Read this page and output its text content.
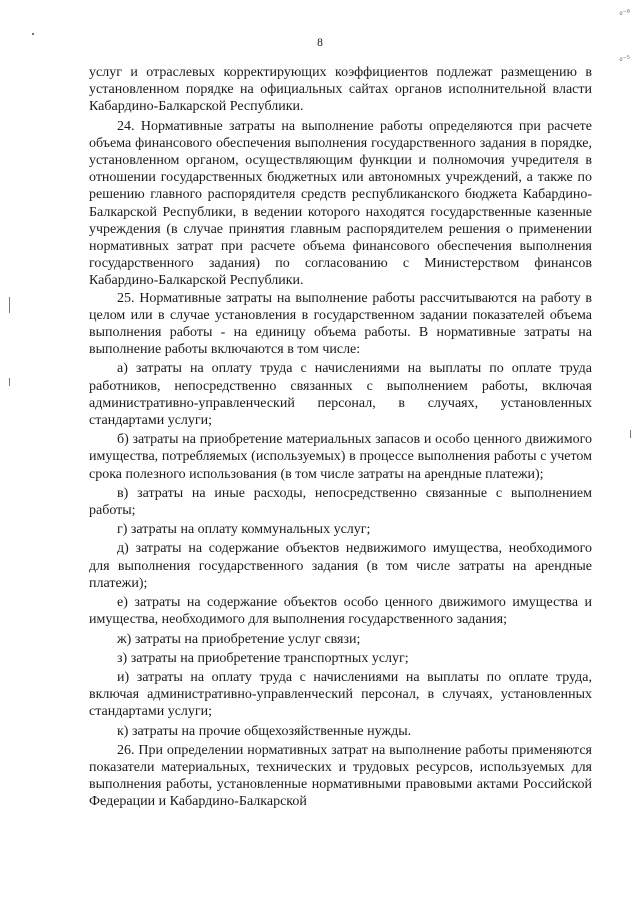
8
₀⁻⁸
₀⁻⁵

услуг и отраслевых корректирующих коэффициентов подлежат размещению в установленном порядке на официальных сайтах органов исполнительной власти Кабардино-Балкарской Республики.

24. Нормативные затраты на выполнение работы определяются при расчете объема финансового обеспечения выполнения государственного задания в порядке, установленном органом, осуществляющим функции и полномочия учредителя в отношении государственных бюджетных или автономных учреждений, а также по решению главного распорядителя средств республиканского бюджета Кабардино-Балкарской Республики, в ведении которого находятся государственные казенные учреждения (в случае принятия главным распорядителем решения о применении нормативных затрат при расчете объема финансового обеспечения выполнения государственного задания) по согласованию с Министерством финансов Кабардино-Балкарской Республики.

25. Нормативные затраты на выполнение работы рассчитываются на работу в целом или в случае установления в государственном задании показателей объема выполнения работы - на единицу объема работы. В нормативные затраты на выполнение работы включаются в том числе:

а) затраты на оплату труда с начислениями на выплаты по оплате труда работников, непосредственно связанных с выполнением работы, включая административно-управленческий персонал, в случаях, установленных стандартами услуги;

б) затраты на приобретение материальных запасов и особо ценного движимого имущества, потребляемых (используемых) в процессе выполнения работы с учетом срока полезного использования (в том числе затраты на арендные платежи);

в) затраты на иные расходы, непосредственно связанные с выполнением работы;

г) затраты на оплату коммунальных услуг;

д) затраты на содержание объектов недвижимого имущества, необходимого для выполнения государственного задания (в том числе затраты на арендные платежи);

е) затраты на содержание объектов особо ценного движимого имущества и имущества, необходимого для выполнения государственного задания;

ж) затраты на приобретение услуг связи;

з) затраты на приобретение транспортных услуг;

и) затраты на оплату труда с начислениями на выплаты по оплате труда, включая административно-управленческий персонал, в случаях, установленных стандартами услуги;

к) затраты на прочие общехозяйственные нужды.

26. При определении нормативных затрат на выполнение работы применяются показатели материальных, технических и трудовых ресурсов, используемых для выполнения работы, установленные нормативными правовыми актами Российской Федерации и Кабардино-Балкарской
